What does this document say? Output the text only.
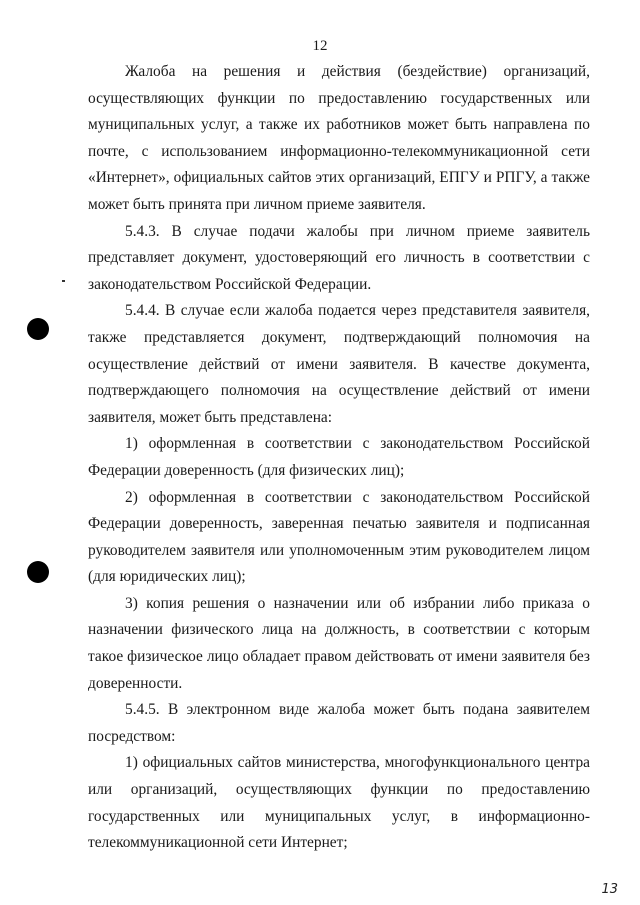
12

Жалоба на решения и действия (бездействие) организаций, осуществляющих функции по предоставлению государственных или муниципальных услуг, а также их работников может быть направлена по почте, с использованием информационно-телекоммуникационной сети «Интернет», официальных сайтов этих организаций, ЕПГУ и РПГУ, а также может быть принята при личном приеме заявителя.

5.4.3. В случае подачи жалобы при личном приеме заявитель представляет документ, удостоверяющий его личность в соответствии с законодательством Российской Федерации.

5.4.4. В случае если жалоба подается через представителя заявителя, также представляется документ, подтверждающий полномочия на осуществление действий от имени заявителя. В качестве документа, подтверждающего полномочия на осуществление действий от имени заявителя, может быть представлена:

1) оформленная в соответствии с законодательством Российской Федерации доверенность (для физических лиц);

2) оформленная в соответствии с законодательством Российской Федерации доверенность, заверенная печатью заявителя и подписанная руководителем заявителя или уполномоченным этим руководителем лицом (для юридических лиц);

3) копия решения о назначении или об избрании либо приказа о назначении физического лица на должность, в соответствии с которым такое физическое лицо обладает правом действовать от имени заявителя без доверенности.

5.4.5. В электронном виде жалоба может быть подана заявителем посредством:

1) официальных сайтов министерства, многофункционального центра или организаций, осуществляющих функции по предоставлению государственных или муниципальных услуг, в информационно-телекоммуникационной сети Интернет;

13
